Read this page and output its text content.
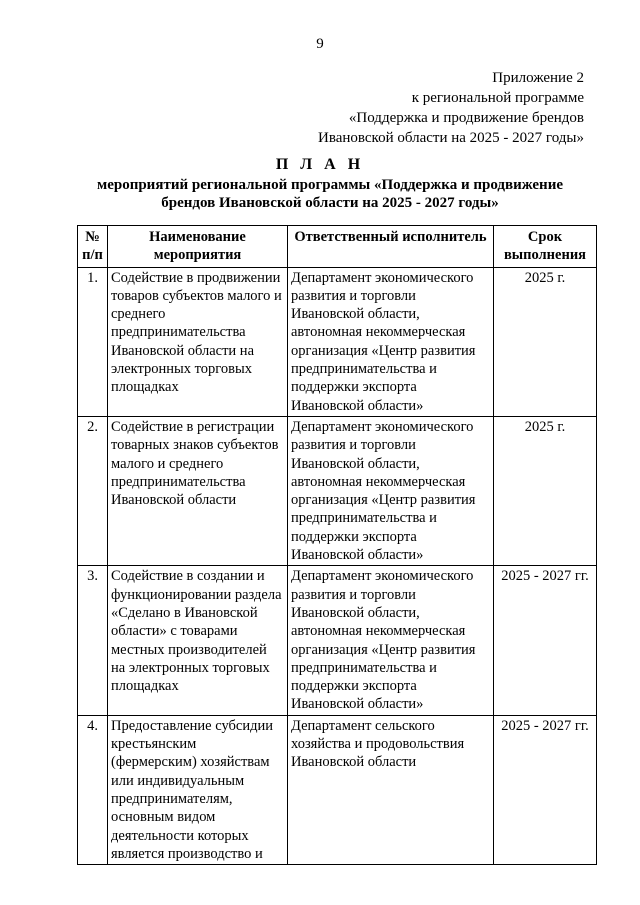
9
Приложение 2
к региональной программе
«Поддержка и продвижение брендов
Ивановской области на 2025 - 2027 годы»
П Л А Н
мероприятий региональной программы «Поддержка и продвижение
брендов Ивановской области на 2025 - 2027 годы»
№ п/п	Наименование мероприятия	Ответственный исполнитель	Срок выполнения
1.	Содействие в продвижении товаров субъектов малого и среднего предпринимательства Ивановской области на электронных торговых площадках	Департамент экономического развития и торговли Ивановской области, автономная некоммерческая организация «Центр развития предпринимательства и поддержки экспорта Ивановской области»	2025 г.
2.	Содействие в регистрации товарных знаков субъектов малого и среднего предпринимательства Ивановской области	Департамент экономического развития и торговли Ивановской области, автономная некоммерческая организация «Центр развития предпринимательства и поддержки экспорта Ивановской области»	2025 г.
3.	Содействие в создании и функционировании раздела «Сделано в Ивановской области» с товарами местных производителей на электронных торговых площадках	Департамент экономического развития и торговли Ивановской области, автономная некоммерческая организация «Центр развития предпринимательства и поддержки экспорта Ивановской области»	2025 - 2027 гг.
4.	Предоставление субсидии крестьянским (фермерским) хозяйствам или индивидуальным предпринимателям, основным видом деятельности которых является производство и	Департамент сельского хозяйства и продовольствия Ивановской области	2025 - 2027 гг.
